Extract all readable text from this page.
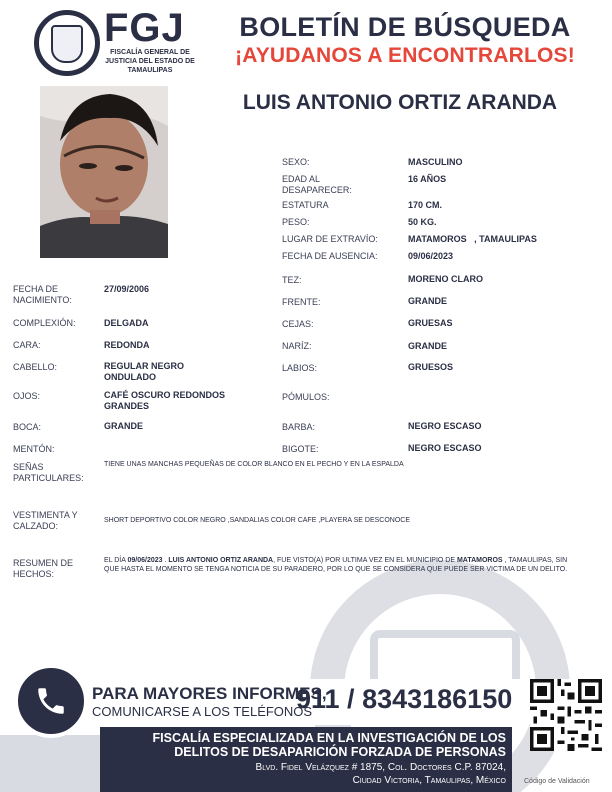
FGJ
FISCALÍA GENERAL DE JUSTICIA DEL ESTADO DE TAMAULIPAS
BOLETÍN DE BÚSQUEDA
¡AYUDANOS A ENCONTRARLOS!
LUIS ANTONIO ORTIZ ARANDA
SEXO:	MASCULINO
EDAD AL DESAPARECER:
16 AÑOS
ESTATURA	170 CM.
PESO:	50 KG.
LUGAR DE EXTRAVÍO:	MATAMOROS   , TAMAULIPAS
FECHA DE AUSENCIA:	09/06/2023
TEZ:	MORENO CLARO
FRENTE:	GRANDE
CEJAS:	GRUESAS
NARÍZ:	GRANDE
LABIOS:	GRUESOS
PÓMULOS:
BARBA:	NEGRO ESCASO
BIGOTE:	NEGRO ESCASO
FECHA DE NACIMIENTO:
27/09/2006
COMPLEXIÓN:	DELGADA
CARA:	REDONDA
CABELLO:	REGULAR NEGRO ONDULADO
OJOS:	CAFÉ OSCURO REDONDOS GRANDES
BOCA:	GRANDE
MENTÓN:
SEÑAS PARTICULARES:
TIENE UNAS MANCHAS PEQUEÑAS DE COLOR BLANCO EN EL PECHO Y EN LA ESPALDA
VESTIMENTA Y CALZADO:
SHORT DEPORTIVO COLOR NEGRO ,SANDALIAS COLOR CAFE ,PLAYERA SE DESCONOCE
RESUMEN DE HECHOS:
EL DÍA 09/06/2023 . LUIS ANTONIO ORTIZ ARANDA, FUE VISTO(A) POR ULTIMA VEZ EN EL MUNICIPIO DE MATAMOROS , TAMAULIPAS, SIN QUE HASTA EL MOMENTO SE TENGA NOTICIA DE SU PARADERO, POR LO QUE SE CONSIDERA QUE PUEDE SER VICTIMA DE UN DELITO.
PARA MAYORES INFORMES,
COMUNICARSE A LOS TELÉFONOS
911 / 8343186150
FISCALÍA ESPECIALIZADA EN LA INVESTIGACIÓN DE LOS
DELITOS DE DESAPARICIÓN FORZADA DE PERSONAS
Blvd. Fidel Velázquez # 1875, Col. Doctores C.P. 87024,
Ciudad Victoria, Tamaulipas, México	Código de Validación
